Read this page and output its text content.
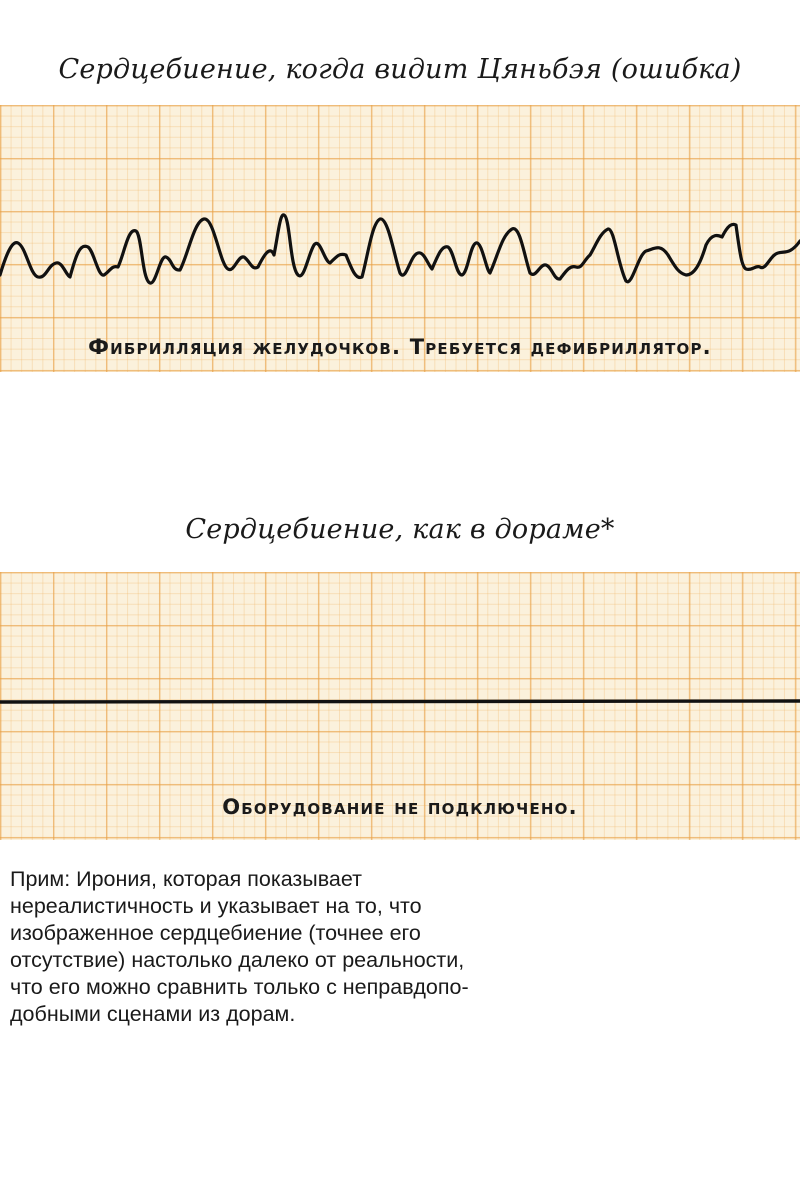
Сердцебиение, когда видит Цяньбэя (ошибка)
Фибрилляция желудочков. Требуется дефибриллятор.
Сердцебиение, как в дораме*
Оборудование не подключено.
Прим: Ирония, которая показывает
нереалистичность и указывает на то, что
изображенное сердцебиение (точнее его
отсутствие) настолько далеко от реальности,
что его можно сравнить только с неправдопо-
добными сценами из дорам.
